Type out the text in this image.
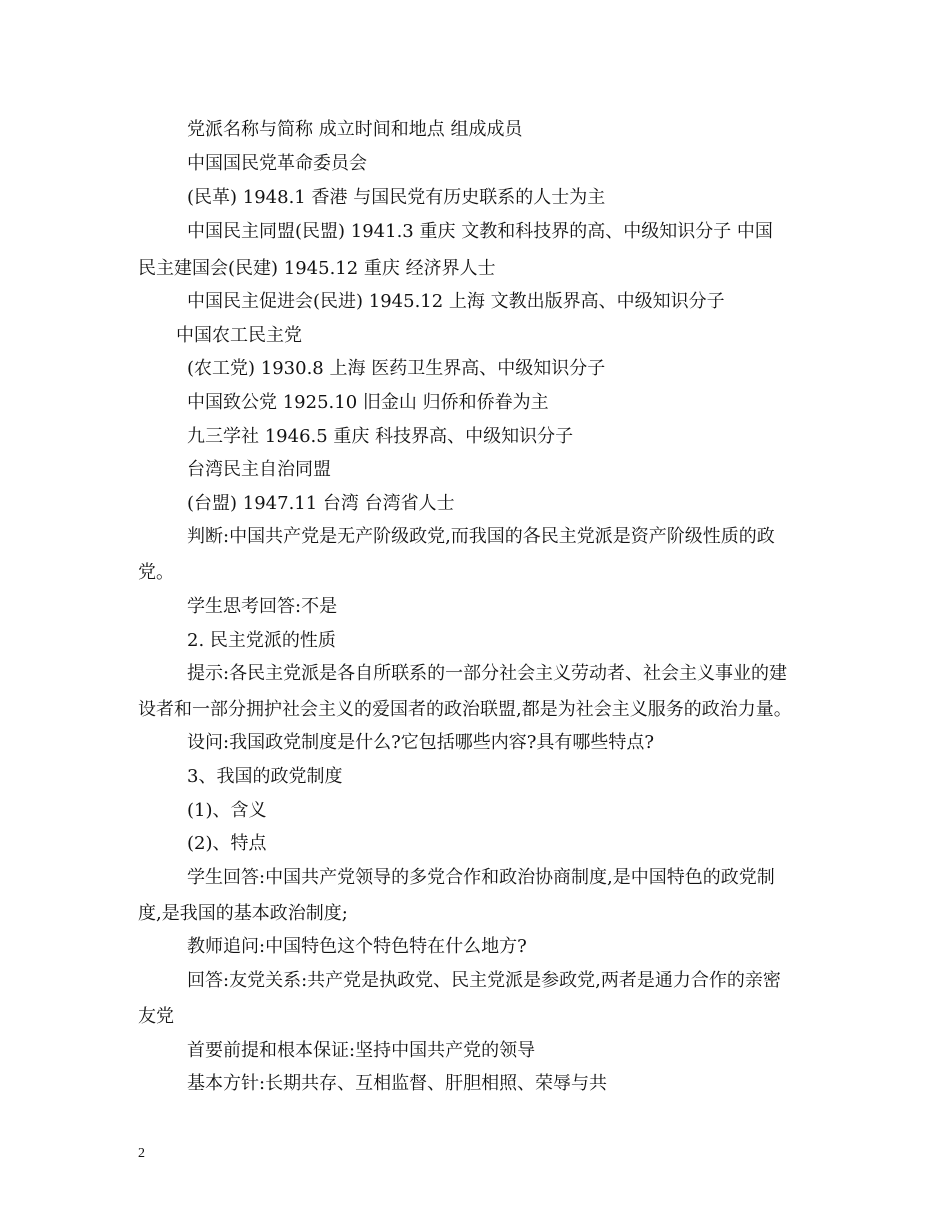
党派名称与简称 成立时间和地点 组成成员
中国国民党革命委员会
(民革) 1948.1 香港 与国民党有历史联系的人士为主
中国民主同盟(民盟) 1941.3 重庆 文教和科技界的高、中级知识分子 中国
民主建国会(民建) 1945.12 重庆 经济界人士
中国民主促进会(民进) 1945.12 上海 文教出版界高、中级知识分子
中国农工民主党
(农工党) 1930.8 上海 医药卫生界高、中级知识分子
中国致公党 1925.10 旧金山 归侨和侨眷为主
九三学社 1946.5 重庆 科技界高、中级知识分子
台湾民主自治同盟
(台盟) 1947.11 台湾 台湾省人士
判断:中国共产党是无产阶级政党,而我国的各民主党派是资产阶级性质的政
党。
学生思考回答:不是
2. 民主党派的性质
提示:各民主党派是各自所联系的一部分社会主义劳动者、社会主义事业的建
设者和一部分拥护社会主义的爱国者的政治联盟,都是为社会主义服务的政治力量。
设问:我国政党制度是什么?它包括哪些内容?具有哪些特点?
3、我国的政党制度
(1)、含义
(2)、特点
学生回答:中国共产党领导的多党合作和政治协商制度,是中国特色的政党制
度,是我国的基本政治制度;
教师追问:中国特色这个特色特在什么地方?
回答:友党关系:共产党是执政党、民主党派是参政党,两者是通力合作的亲密
友党
首要前提和根本保证:坚持中国共产党的领导
基本方针:长期共存、互相监督、肝胆相照、荣辱与共
2
